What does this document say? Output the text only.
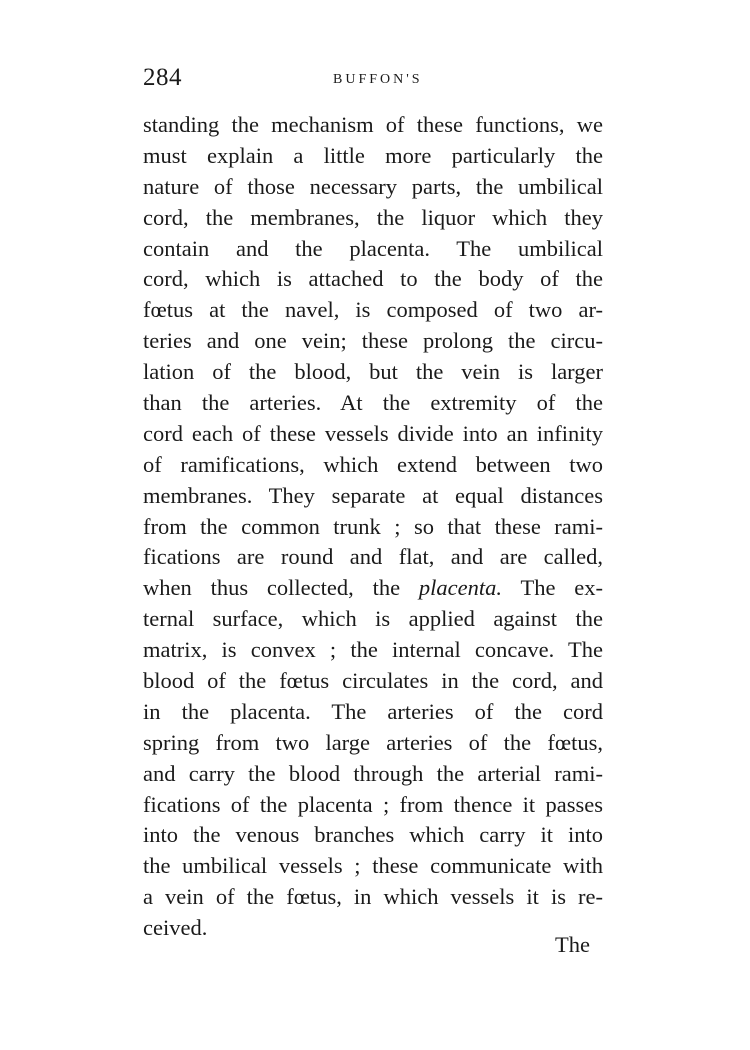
284	BUFFON'S
standing the mechanism of these functions, we
must explain a little more particularly the
nature of those necessary parts, the umbilical
cord, the membranes, the liquor which they
contain and the placenta. The umbilical
cord, which is attached to the body of the
fœtus at the navel, is composed of two ar-
teries and one vein; these prolong the circu-
lation of the blood, but the vein is larger
than the arteries. At the extremity of the
cord each of these vessels divide into an infinity
of ramifications, which extend between two
membranes. They separate at equal distances
from the common trunk ; so that these rami-
fications are round and flat, and are called,
when thus collected, the placenta. The ex-
ternal surface, which is applied against the
matrix, is convex ; the internal concave. The
blood of the fœtus circulates in the cord, and
in the placenta. The arteries of the cord
spring from two large arteries of the fœtus,
and carry the blood through the arterial rami-
fications of the placenta ; from thence it passes
into the venous branches which carry it into
the umbilical vessels ; these communicate with
a vein of the fœtus, in which vessels it is re-
ceived.
The
